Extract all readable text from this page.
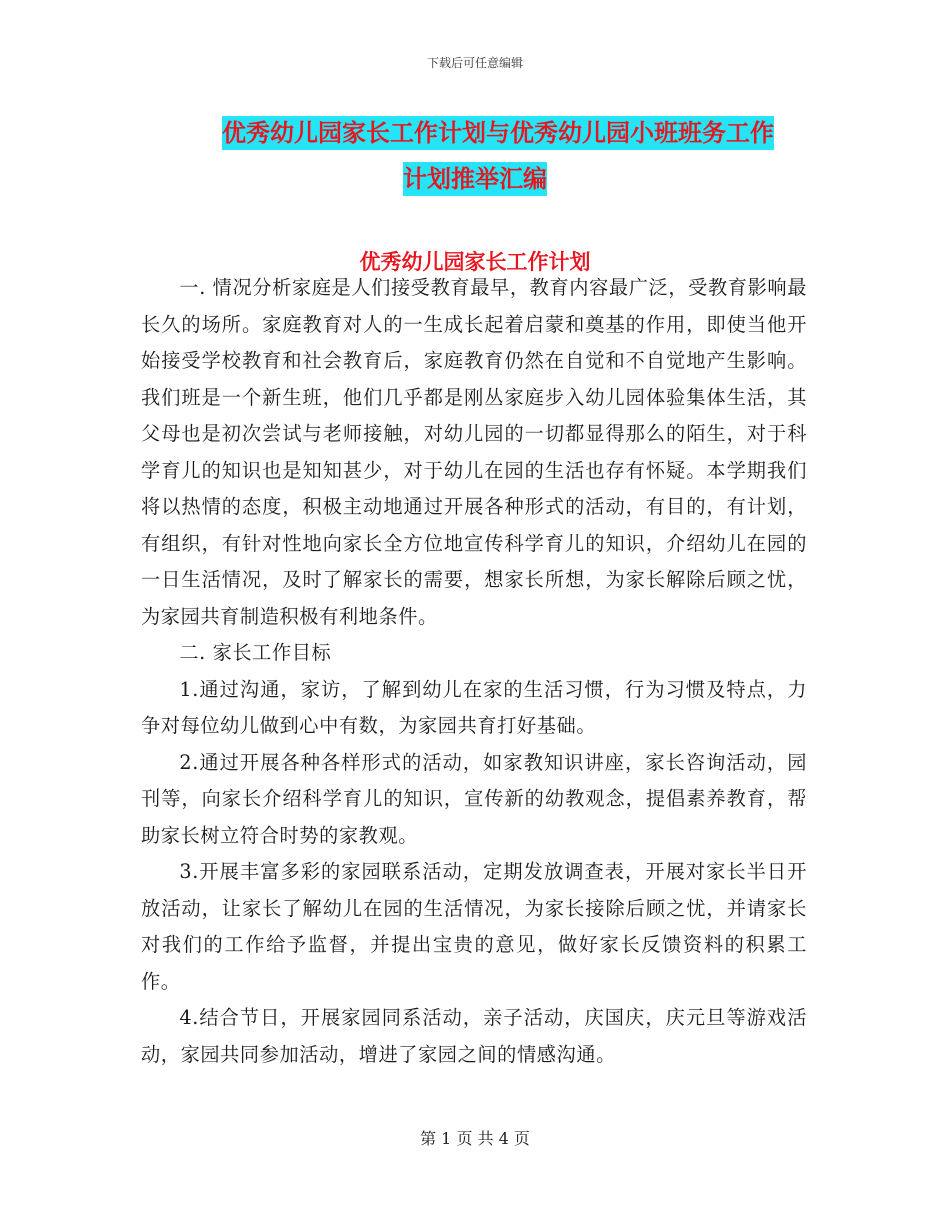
下载后可任意编辑
优秀幼儿园家长工作计划与优秀幼儿园小班班务工作
计划推举汇编
优秀幼儿园家长工作计划

一. 情况分析家庭是人们接受教育最早，教育内容最广泛，受教育影响最长久的场所。家庭教育对人的一生成长起着启蒙和奠基的作用，即使当他开始接受学校教育和社会教育后，家庭教育仍然在自觉和不自觉地产生影响。我们班是一个新生班，他们几乎都是刚丛家庭步入幼儿园体验集体生活，其父母也是初次尝试与老师接触，对幼儿园的一切都显得那么的陌生，对于科学育儿的知识也是知知甚少，对于幼儿在园的生活也存有怀疑。本学期我们将以热情的态度，积极主动地通过开展各种形式的活动，有目的，有计划，有组织，有针对性地向家长全方位地宣传科学育儿的知识，介绍幼儿在园的一日生活情况，及时了解家长的需要，想家长所想，为家长解除后顾之忧，为家园共育制造积极有利地条件。

二. 家长工作目标

1.通过沟通，家访，了解到幼儿在家的生活习惯，行为习惯及特点，力争对每位幼儿做到心中有数，为家园共育打好基础。

2.通过开展各种各样形式的活动，如家教知识讲座，家长咨询活动，园刊等，向家长介绍科学育儿的知识，宣传新的幼教观念，提倡素养教育，帮助家长树立符合时势的家教观。

3.开展丰富多彩的家园联系活动，定期发放调查表，开展对家长半日开放活动，让家长了解幼儿在园的生活情况，为家长接除后顾之忧，并请家长对我们的工作给予监督，并提出宝贵的意见，做好家长反馈资料的积累工作。

4.结合节日，开展家园同系活动，亲子活动，庆国庆，庆元旦等游戏活动，家园共同参加活动，增进了家园之间的情感沟通。

第 1 页 共 4 页
